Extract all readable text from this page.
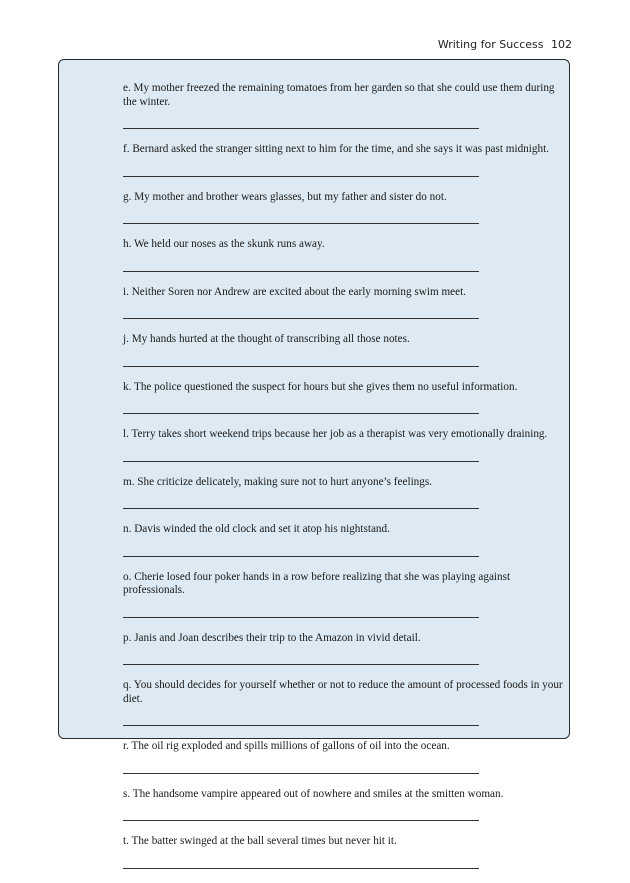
Writing for Success 102
e. My mother freezed the remaining tomatoes from her garden so that she could use them during the winter.
f. Bernard asked the stranger sitting next to him for the time, and she says it was past midnight.
g. My mother and brother wears glasses, but my father and sister do not.
h. We held our noses as the skunk runs away.
i. Neither Soren nor Andrew are excited about the early morning swim meet.
j. My hands hurted at the thought of transcribing all those notes.
k. The police questioned the suspect for hours but she gives them no useful information.
l. Terry takes short weekend trips because her job as a therapist was very emotionally draining.
m. She criticize delicately, making sure not to hurt anyone’s feelings.
n. Davis winded the old clock and set it atop his nightstand.
o. Cherie losed four poker hands in a row before realizing that she was playing against professionals.
p. Janis and Joan describes their trip to the Amazon in vivid detail.
q. You should decides for yourself whether or not to reduce the amount of processed foods in your diet.
r. The oil rig exploded and spills millions of gallons of oil into the ocean.
s. The handsome vampire appeared out of nowhere and smiles at the smitten woman.
t. The batter swinged at the ball several times but never hit it.
